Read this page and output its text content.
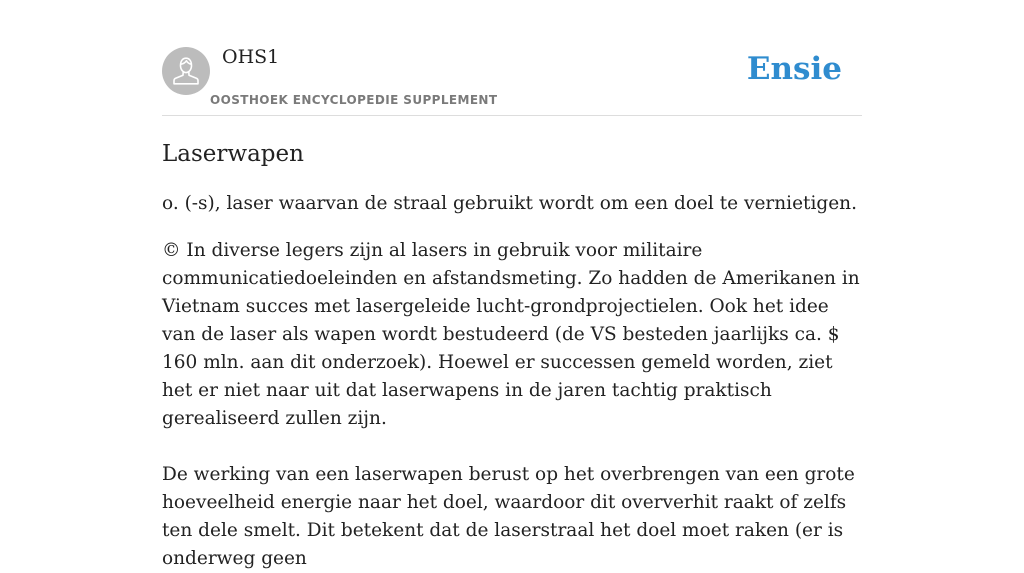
OHS1
OOSTHOEK ENCYCLOPEDIE SUPPLEMENT
Ensie
Laserwapen

o. (-s), laser waarvan de straal gebruikt wordt om een doel te vernietigen.

© In diverse legers zijn al lasers in gebruik voor militaire communicatiedoeleinden en afstandsmeting. Zo hadden de Amerikanen in Vietnam succes met lasergeleide lucht-grondprojectielen. Ook het idee van de laser als wapen wordt bestudeerd (de VS besteden jaarlijks ca. $ 160 mln. aan dit onderzoek). Hoewel er successen gemeld worden, ziet het er niet naar uit dat laserwapens in de jaren tachtig praktisch gerealiseerd zullen zijn.

De werking van een laserwapen berust op het overbrengen van een grote hoeveelheid energie naar het doel, waardoor dit oververhit raakt of zelfs ten dele smelt. Dit betekent dat de laserstraal het doel moet raken (er is onderweg geen
